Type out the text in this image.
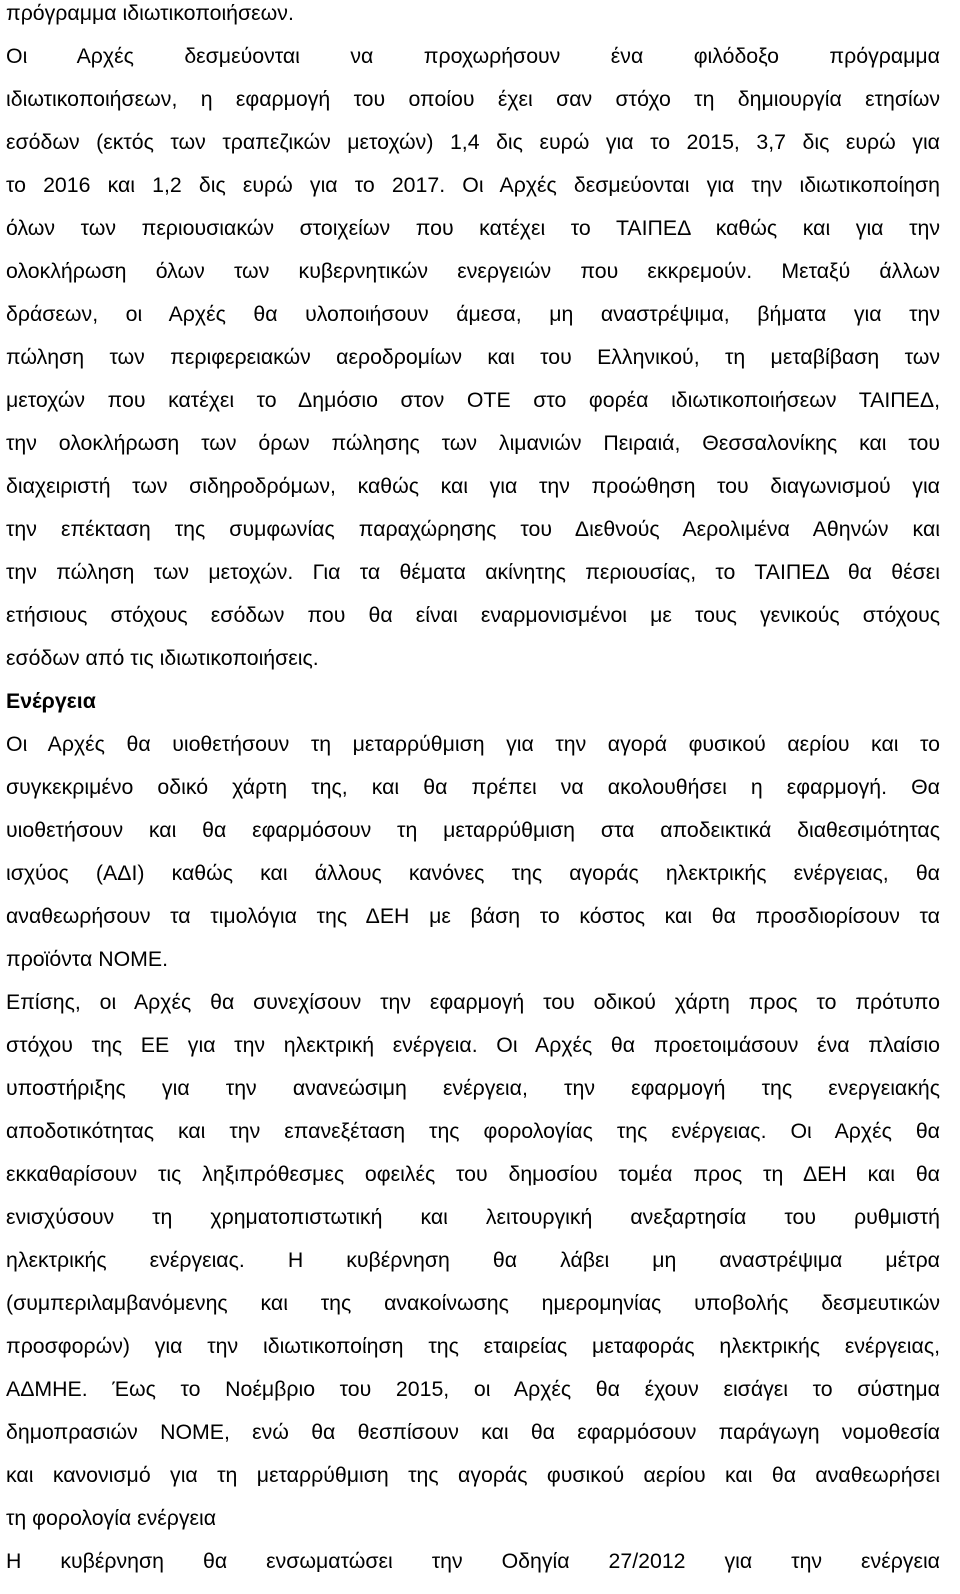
πρόγραμμα ιδιωτικοποιήσεων.
Οι Αρχές δεσμεύονται να προχωρήσουν ένα φιλόδοξο πρόγραμμα
ιδιωτικοποιήσεων, η εφαρμογή του οποίου έχει σαν στόχο τη δημιουργία ετησίων
εσόδων (εκτός των τραπεζικών μετοχών) 1,4 δις ευρώ για το 2015, 3,7 δις ευρώ για
το 2016 και 1,2 δις ευρώ για το 2017. Οι Αρχές δεσμεύονται για την ιδιωτικοποίηση
όλων των περιουσιακών στοιχείων που κατέχει το ΤΑΙΠΕΔ καθώς και για την
ολοκλήρωση όλων των κυβερνητικών ενεργειών που εκκρεμούν. Μεταξύ άλλων
δράσεων, οι Αρχές θα υλοποιήσουν άμεσα, μη αναστρέψιμα, βήματα για την
πώληση των περιφερειακών αεροδρομίων και του Ελληνικού, τη μεταβίβαση των
μετοχών που κατέχει το Δημόσιο στον ΟΤΕ στο φορέα ιδιωτικοποιήσεων ΤΑΙΠΕΔ,
την ολοκλήρωση των όρων πώλησης των λιμανιών Πειραιά, Θεσσαλονίκης και του
διαχειριστή των σιδηροδρόμων, καθώς και για την προώθηση του διαγωνισμού για
την επέκταση της συμφωνίας παραχώρησης του Διεθνούς Αερολιμένα Αθηνών και
την πώληση των μετοχών. Για τα θέματα ακίνητης περιουσίας, το ΤΑΙΠΕΔ θα θέσει
ετήσιους στόχους εσόδων που θα είναι εναρμονισμένοι με τους γενικούς στόχους
εσόδων από τις ιδιωτικοποιήσεις.
Ενέργεια
Οι Αρχές θα υιοθετήσουν τη μεταρρύθμιση για την αγορά φυσικού αερίου και το
συγκεκριμένο οδικό χάρτη της, και θα πρέπει να ακολουθήσει η εφαρμογή. Θα
υιοθετήσουν και θα εφαρμόσουν τη μεταρρύθμιση στα αποδεικτικά διαθεσιμότητας
ισχύος (ΑΔΙ) καθώς και άλλους κανόνες της αγοράς ηλεκτρικής ενέργειας, θα
αναθεωρήσουν τα τιμολόγια της ΔΕΗ με βάση το κόστος και θα προσδιορίσουν τα
προϊόντα ΝΟΜΕ.
Επίσης, οι Αρχές θα συνεχίσουν την εφαρμογή του οδικού χάρτη προς το πρότυπο
στόχου της ΕΕ για την ηλεκτρική ενέργεια. Οι Αρχές θα προετοιμάσουν ένα πλαίσιο
υποστήριξης για την ανανεώσιμη ενέργεια, την εφαρμογή της ενεργειακής
αποδοτικότητας και την επανεξέταση της φορολογίας της ενέργειας. Οι Αρχές θα
εκκαθαρίσουν τις ληξιπρόθεσμες οφειλές του δημοσίου τομέα προς τη ΔΕΗ και θα
ενισχύσουν τη χρηματοπιστωτική και λειτουργική ανεξαρτησία του ρυθμιστή
ηλεκτρικής ενέργειας. Η κυβέρνηση θα λάβει μη αναστρέψιμα μέτρα
(συμπεριλαμβανόμενης και της ανακοίνωσης ημερομηνίας υποβολής δεσμευτικών
προσφορών) για την ιδιωτικοποίηση της εταιρείας μεταφοράς ηλεκτρικής ενέργειας,
ΑΔΜΗΕ. Έως το Νοέμβριο του 2015, οι Αρχές θα έχουν εισάγει το σύστημα
δημοπρασιών ΝΟΜΕ, ενώ θα θεσπίσουν και θα εφαρμόσουν παράγωγη νομοθεσία
και κανονισμό για τη μεταρρύθμιση της αγοράς φυσικού αερίου και θα αναθεωρήσει
τη φορολογία ενέργεια
Η κυβέρνηση θα ενσωματώσει την Οδηγία 27/2012 για την ενέργεια
